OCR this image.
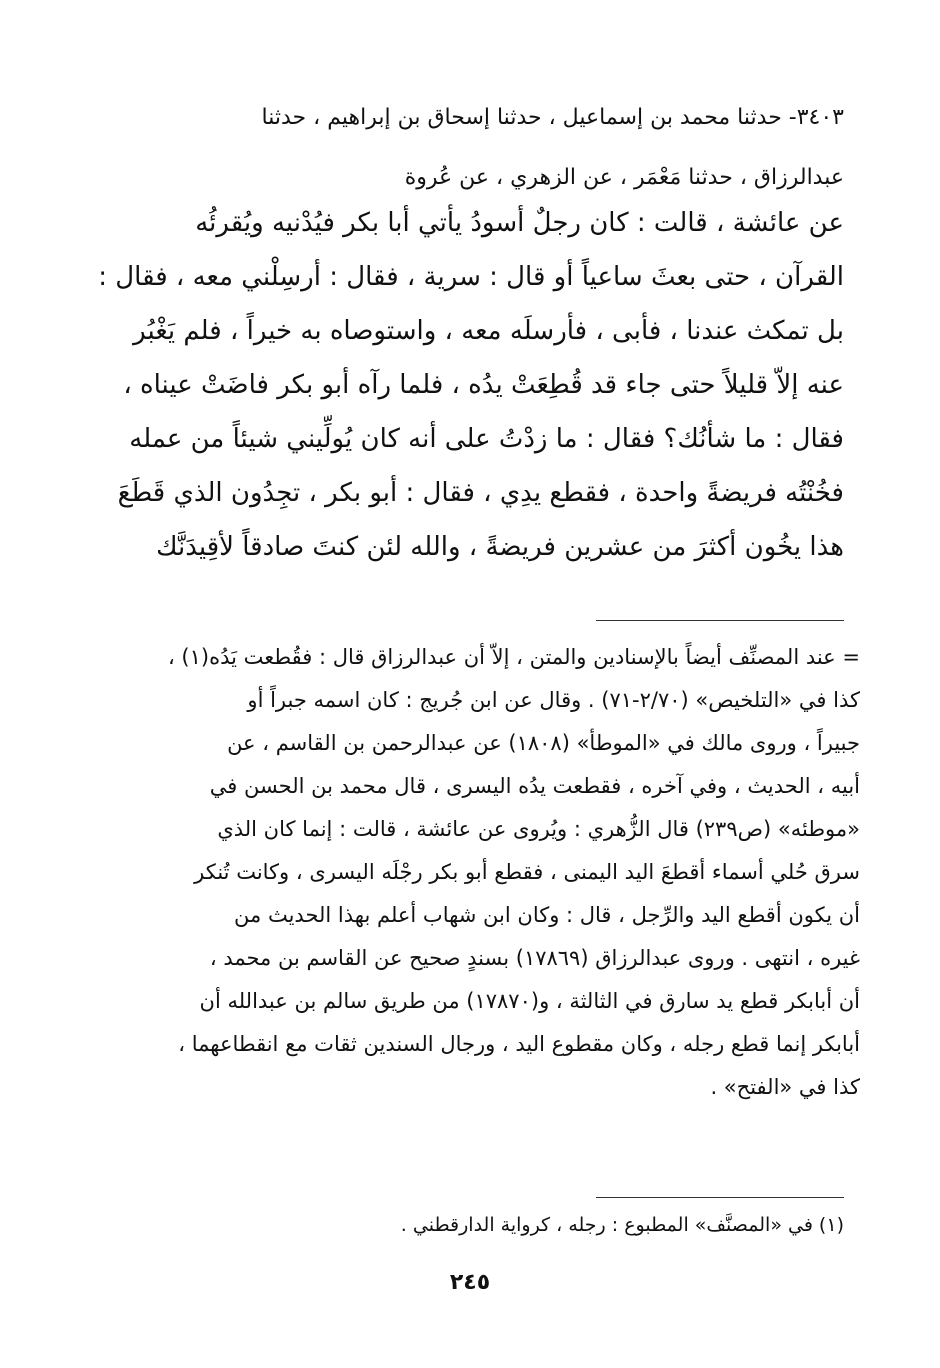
٣٤٠٣- حدثنا محمد بن إسماعيل ، حدثنا إسحاق بن إبراهيم ، حدثنا
عبدالرزاق ، حدثنا مَعْمَر ، عن الزهري ، عن عُروة
عن عائشة ، قالت : كان رجلٌ أسودُ يأتي أبا بكر فيُدْنيه ويُقرئُه
القرآن ، حتى بعثَ ساعياً أو قال : سرية ، فقال : أرسِلْني معه ، فقال :
بل تمكث عندنا ، فأبى ، فأرسلَه معه ، واستوصاه به خيراً ، فلم يَغْبُر
عنه إلاّ قليلاً حتى جاء قد قُطِعَتْ يدُه ، فلما رآه أبو بكر فاضَتْ عيناه ،
فقال : ما شأنُك؟ فقال : ما زدْتُ على أنه كان يُولِّيني شيئاً من عمله
فخُنْتُه فريضةً واحدة ، فقطع يدِي ، فقال : أبو بكر ، تجِدُون الذي قَطَعَ
هذا يخُون أكثرَ من عشرين فريضةً ، والله لئن كنتَ صادقاً لأقِيدَنَّك
= عند المصنِّف أيضاً بالإسنادين والمتن ، إلاّ أن عبدالرزاق قال : فقُطعت يَدُه(١) ،
كذا في «التلخيص» (٢/٧٠-٧١) . وقال عن ابن جُريج : كان اسمه جبراً أو
جبيراً ، وروى مالك في «الموطأ» (١٨٠٨) عن عبدالرحمن بن القاسم ، عن
أبيه ، الحديث ، وفي آخره ، فقطعت يدُه اليسرى ، قال محمد بن الحسن في
«موطئه» (ص٢٣٩) قال الزُّهري : ويُروى عن عائشة ، قالت : إنما كان الذي
سرق حُلي أسماء أقطعَ اليد اليمنى ، فقطع أبو بكر رجْلَه اليسرى ، وكانت تُنكر
أن يكون أقطع اليد والرِّجل ، قال : وكان ابن شهاب أعلم بهذا الحديث من
غيره ، انتهى . وروى عبدالرزاق (١٧٨٦٩) بسندٍ صحيح عن القاسم بن محمد ،
أن أبابكر قطع يد سارق في الثالثة ، و(١٧٨٧٠) من طريق سالم بن عبدالله أن
أبابكر إنما قطع رجله ، وكان مقطوع اليد ، ورجال السندين ثقات مع انقطاعهما ،
كذا في «الفتح» .
(١) في «المصنَّف» المطبوع : رجله ، كرواية الدارقطني .
٢٤٥
